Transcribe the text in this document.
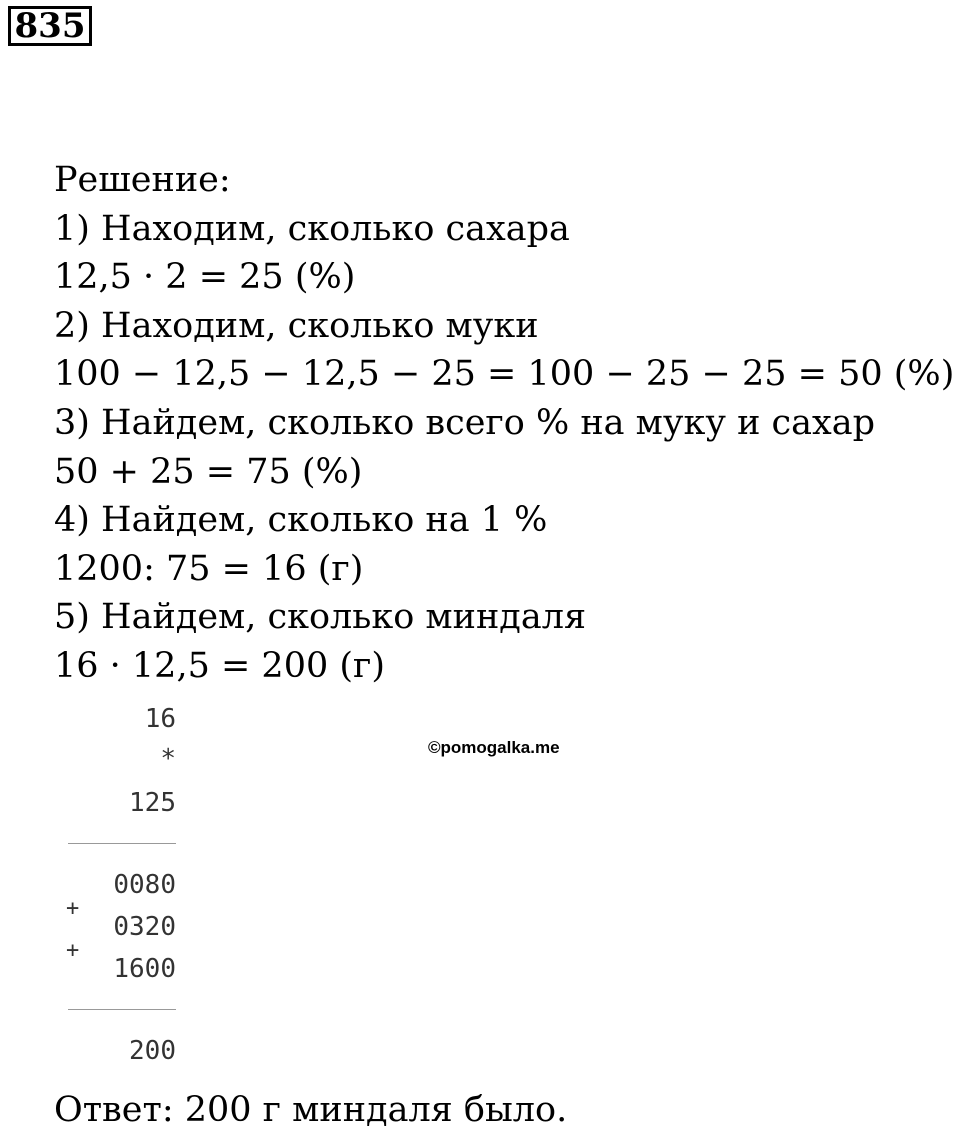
835
Решение:
1) Находим, сколько сахара
12,5 · 2 = 25 (%)
2) Находим, сколько муки
100 − 12,5 − 12,5 − 25 = 100 − 25 − 25 = 50 (%)
3) Найдем, сколько всего % на муку и сахар
50 + 25 = 75 (%)
4) Найдем, сколько на 1 %
1200: 75 = 16 (г)
5) Найдем, сколько миндаля
16 · 12,5 = 200 (г)
16
*
125
0080
+
0320
+
1600
200
©pomogalka.me
Ответ: 200 г миндаля было.
